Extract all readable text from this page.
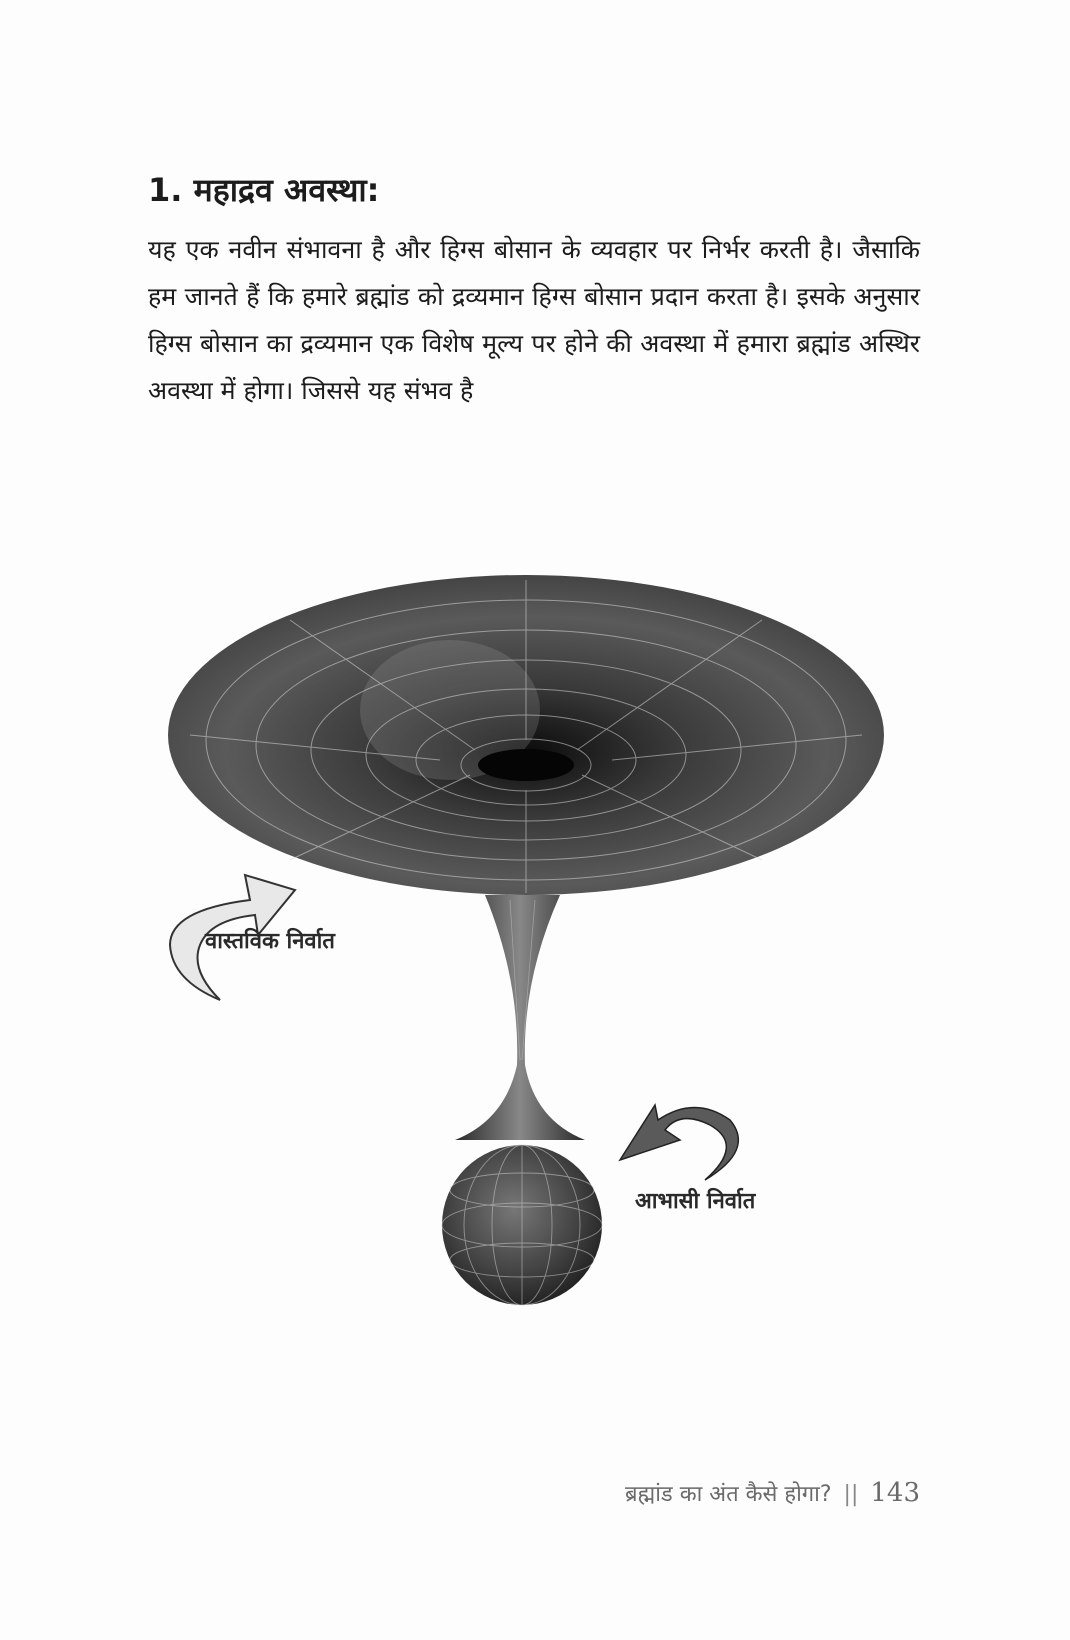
1. महाद्रव अवस्था:

यह एक नवीन संभावना है और हिग्स बोसान के व्यवहार पर निर्भर करती है। जैसाकि हम जानते हैं कि हमारे ब्रह्मांड को द्रव्यमान हिग्स बोसान प्रदान करता है। इसके अनुसार हिग्स बोसान का द्रव्यमान एक विशेष मूल्य पर होने की अवस्था में हमारा ब्रह्मांड अस्थिर अवस्था में होगा। जिससे यह संभव है

वास्तविक निर्वात
आभासी निर्वात
ब्रह्मांड का अंत कैसे होगा? || 143
